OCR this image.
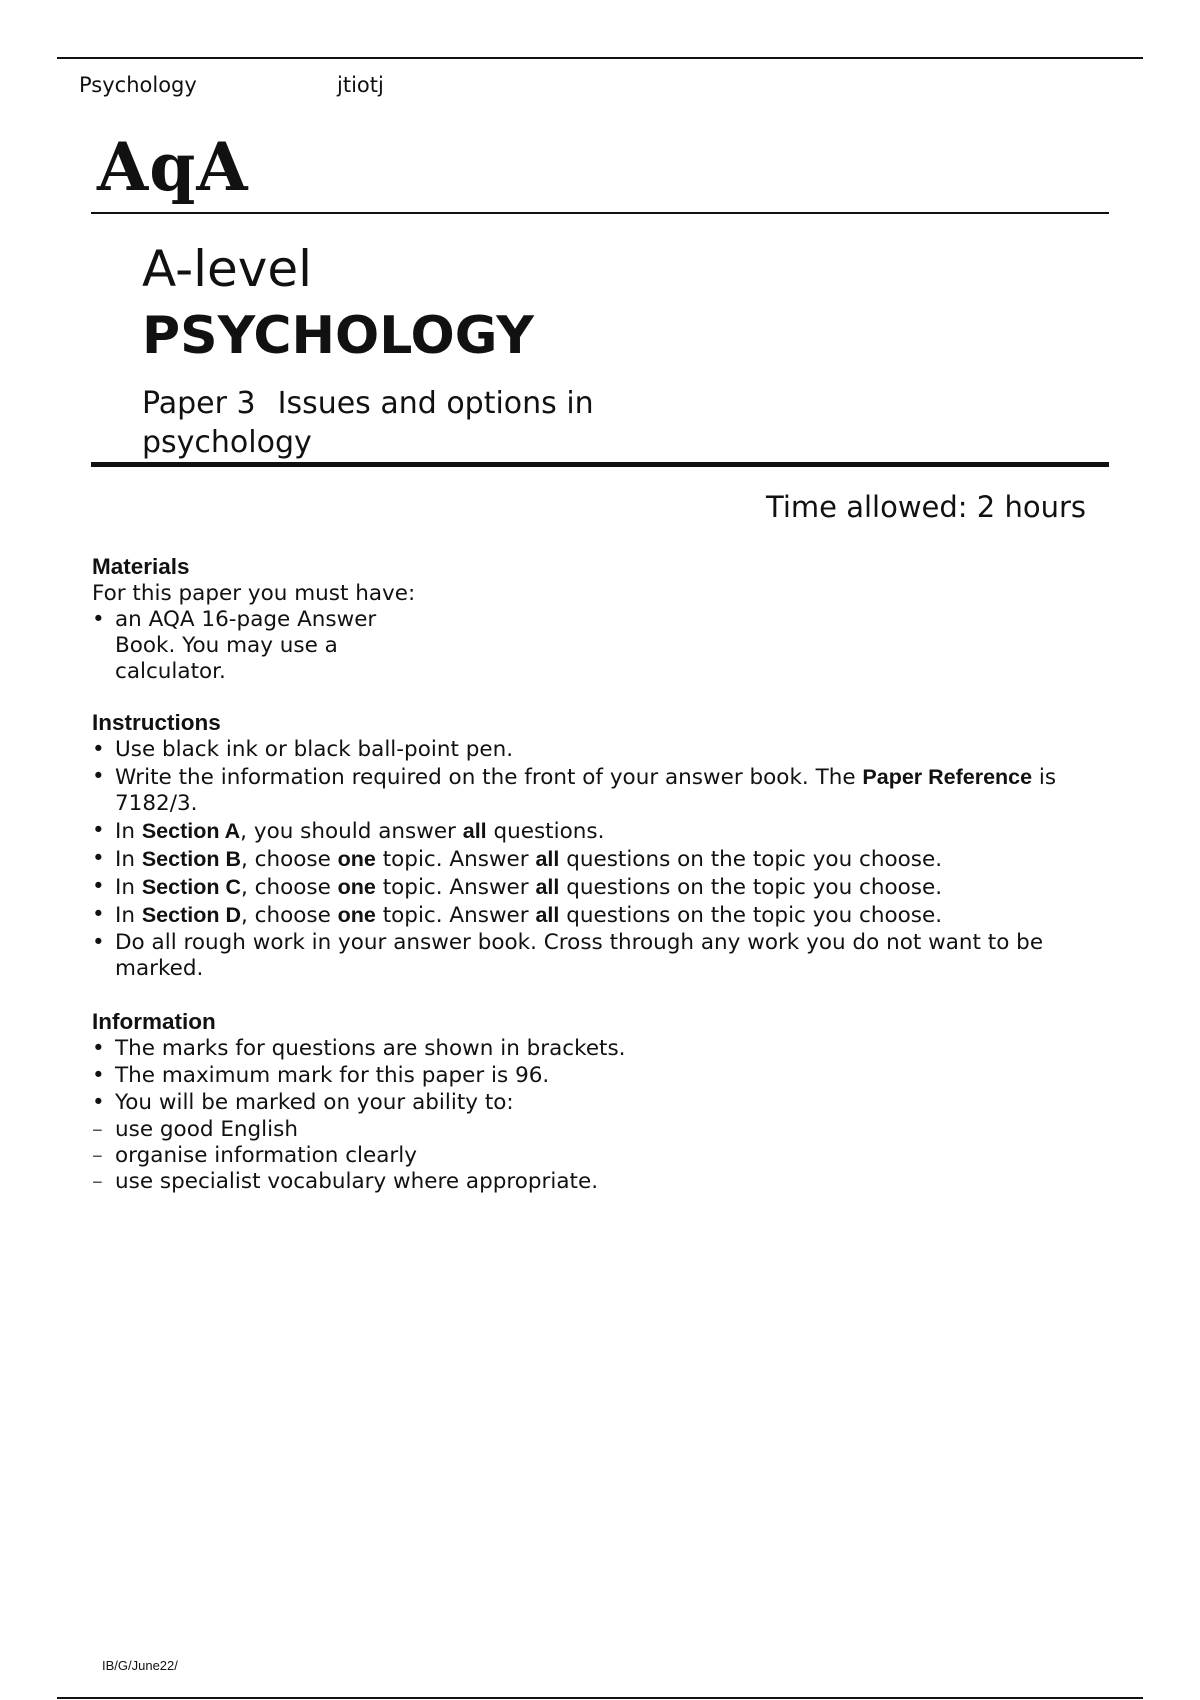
Psychology	jtiotj
AqA
A-level
PSYCHOLOGY
Paper 3 Issues and options in psychology
Time allowed: 2 hours
Materials
For this paper you must have:
• an AQA 16-page Answer Book. You may use a calculator.
Instructions
• Use black ink or black ball-point pen.
• Write the information required on the front of your answer book. The Paper Reference is 7182/3.
• In Section A, you should answer all questions.
• In Section B, choose one topic. Answer all questions on the topic you choose.
• In Section C, choose one topic. Answer all questions on the topic you choose.
• In Section D, choose one topic. Answer all questions on the topic you choose.
• Do all rough work in your answer book. Cross through any work you do not want to be marked.
Information
• The marks for questions are shown in brackets.
• The maximum mark for this paper is 96.
• You will be marked on your ability to:
– use good English
– organise information clearly
– use specialist vocabulary where appropriate.
IB/G/June22/
